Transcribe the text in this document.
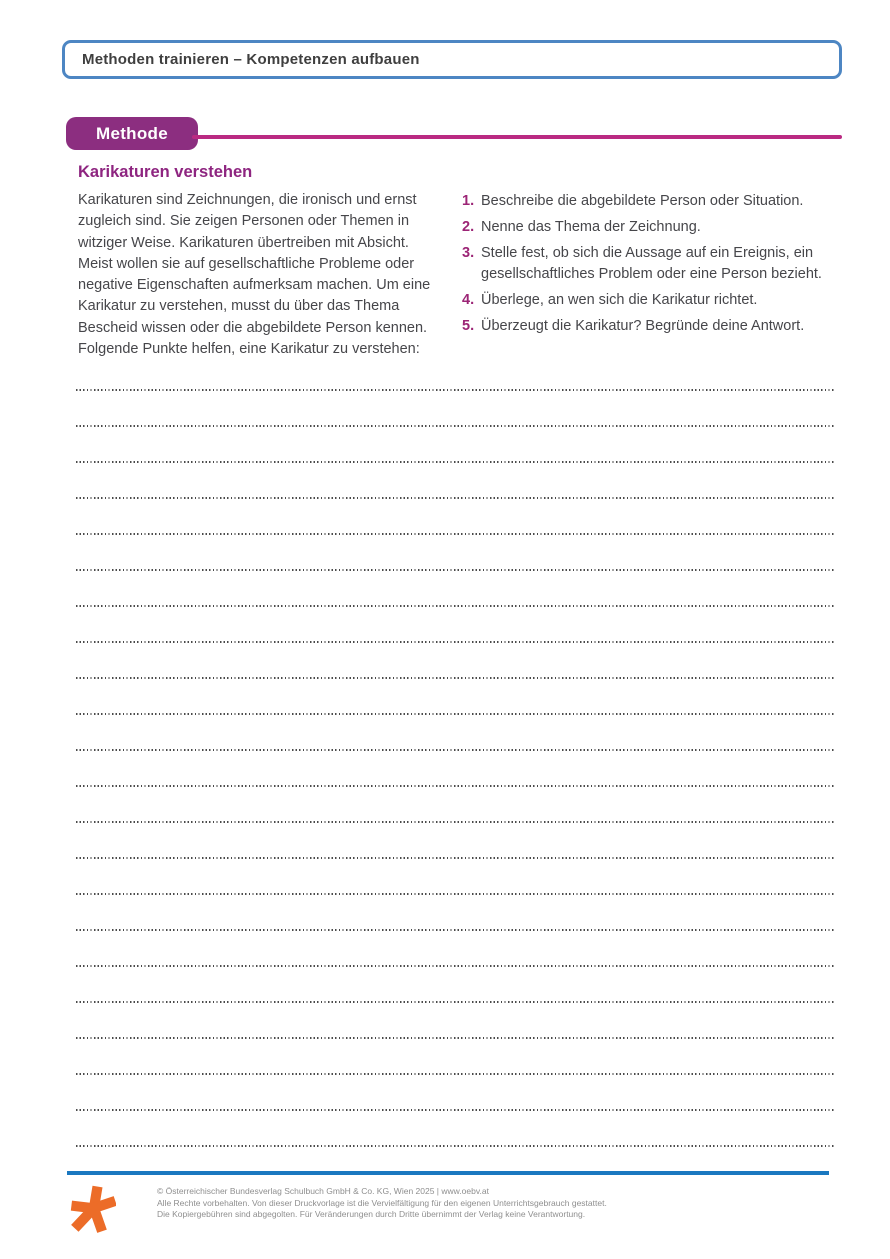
Methoden trainieren – Kompetenzen aufbauen
Methode
Karikaturen verstehen

Karikaturen sind Zeichnungen, die ironisch und ernst zugleich sind. Sie zeigen Personen oder Themen in witziger Weise. Karikaturen übertreiben mit Absicht. Meist wollen sie auf gesellschaftliche Probleme oder negative Eigenschaften aufmerksam machen. Um eine Karikatur zu verstehen, musst du über das Thema Bescheid wissen oder die abgebildete Person kennen. Folgende Punkte helfen, eine Karikatur zu verstehen:

1. Beschreibe die abgebildete Person oder Situation.
2. Nenne das Thema der Zeichnung.
3. Stelle fest, ob sich die Aussage auf ein Ereignis, ein gesellschaftliches Problem oder eine Person bezieht.
4. Überlege, an wen sich die Karikatur richtet.
5. Überzeugt die Karikatur? Begründe deine Antwort.
© Österreichischer Bundesverlag Schulbuch GmbH & Co. KG, Wien 2025 | www.oebv.at
Alle Rechte vorbehalten. Von dieser Druckvorlage ist die Vervielfältigung für den eigenen Unterrichtsgebrauch gestattet.
Die Kopiergebühren sind abgegolten. Für Veränderungen durch Dritte übernimmt der Verlag keine Verantwortung.
